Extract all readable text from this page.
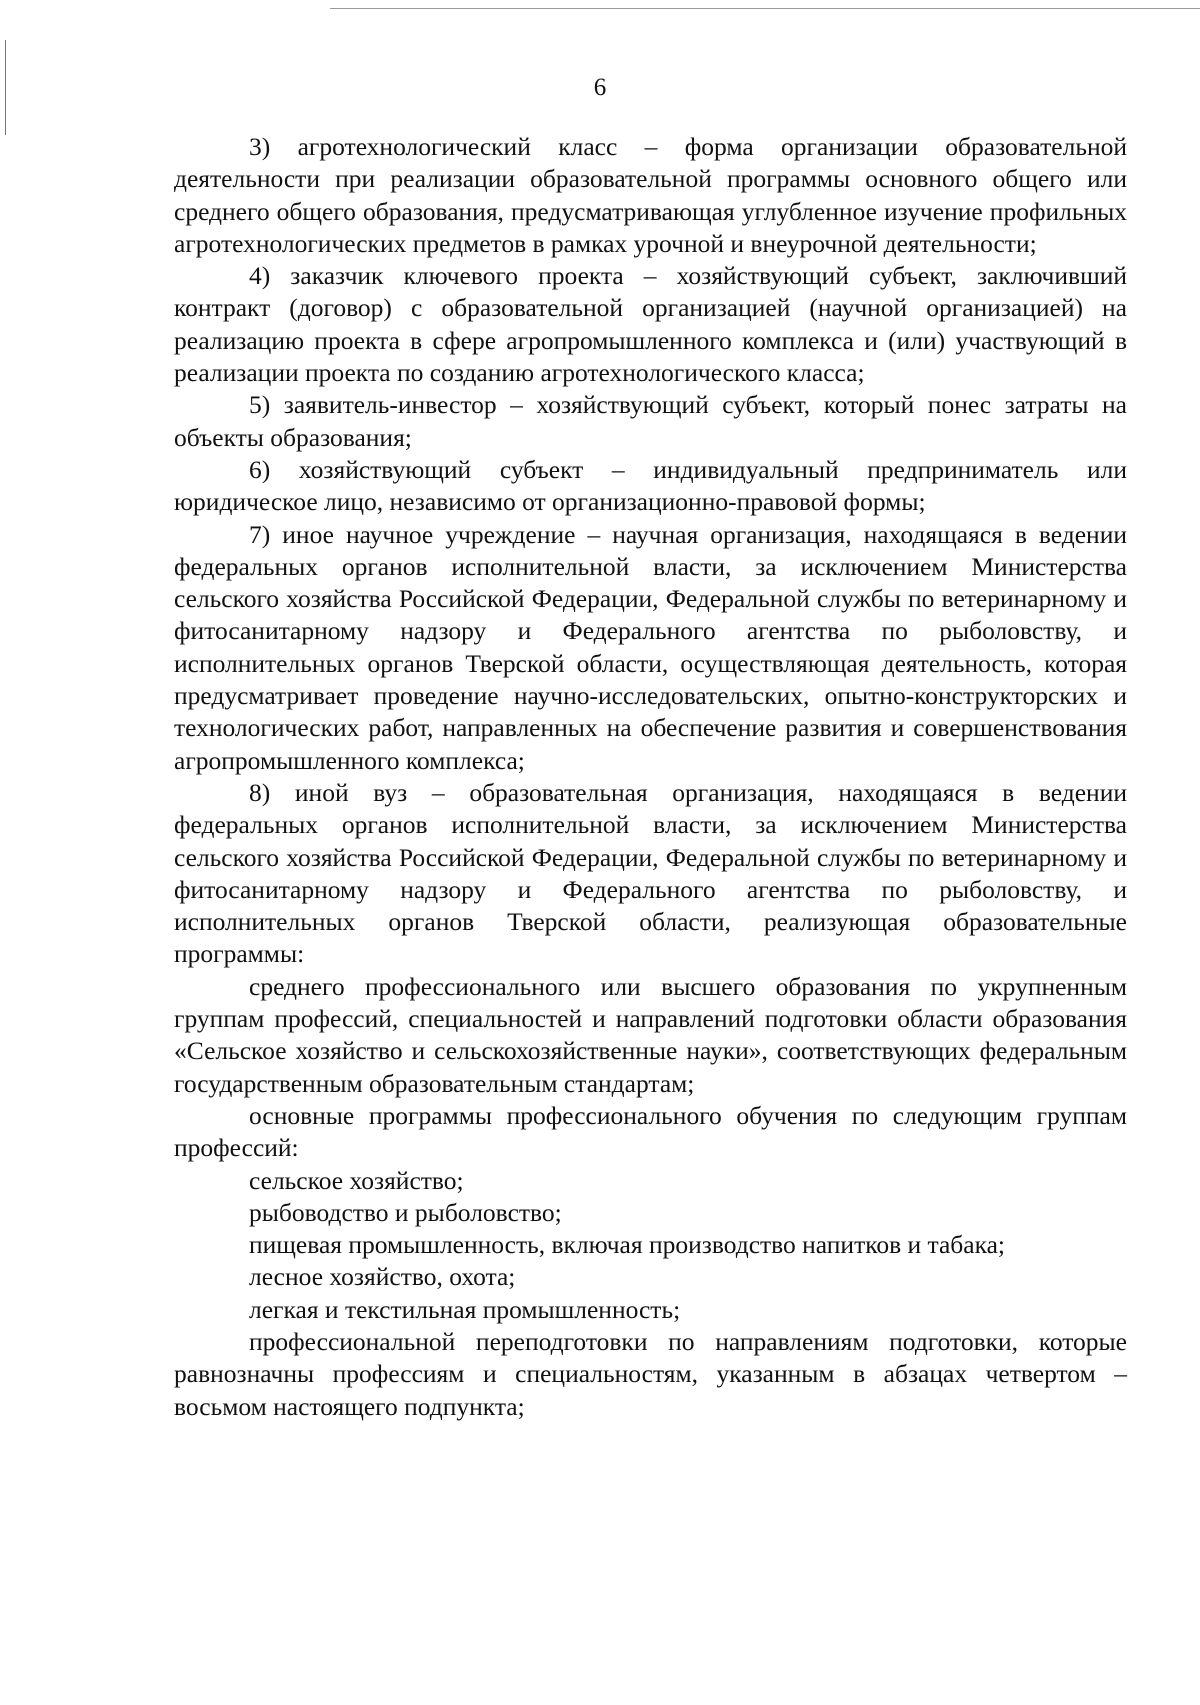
6

3) агротехнологический класс – форма организации образовательной деятельности при реализации образовательной программы основного общего или среднего общего образования, предусматривающая углубленное изучение профильных агротехнологических предметов в рамках урочной и внеурочной деятельности;

4) заказчик ключевого проекта – хозяйствующий субъект, заключивший контракт (договор) с образовательной организацией (научной организацией) на реализацию проекта в сфере агропромышленного комплекса и (или) участвующий в реализации проекта по созданию агротехнологического класса;

5) заявитель-инвестор – хозяйствующий субъект, который понес затраты на объекты образования;

6) хозяйствующий субъект – индивидуальный предприниматель или юридическое лицо, независимо от организационно-правовой формы;

7) иное научное учреждение – научная организация, находящаяся в ведении федеральных органов исполнительной власти, за исключением Министерства сельского хозяйства Российской Федерации, Федеральной службы по ветеринарному и фитосанитарному надзору и Федерального агентства по рыболовству, и исполнительных органов Тверской области, осуществляющая деятельность, которая предусматривает проведение научно-исследовательских, опытно-конструкторских и технологических работ, направленных на обеспечение развития и совершенствования агропромышленного комплекса;

8) иной вуз – образовательная организация, находящаяся в ведении федеральных органов исполнительной власти, за исключением Министерства сельского хозяйства Российской Федерации, Федеральной службы по ветеринарному и фитосанитарному надзору и Федерального агентства по рыболовству, и исполнительных органов Тверской области, реализующая образовательные программы:

среднего профессионального или высшего образования по укрупненным группам профессий, специальностей и направлений подготовки области образования «Сельское хозяйство и сельскохозяйственные науки», соответствующих федеральным государственным образовательным стандартам;

основные программы профессионального обучения по следующим группам профессий:

сельское хозяйство;

рыбоводство и рыболовство;

пищевая промышленность, включая производство напитков и табака;

лесное хозяйство, охота;

легкая и текстильная промышленность;

профессиональной переподготовки по направлениям подготовки, которые равнозначны профессиям и специальностям, указанным в абзацах четвертом – восьмом настоящего подпункта;
